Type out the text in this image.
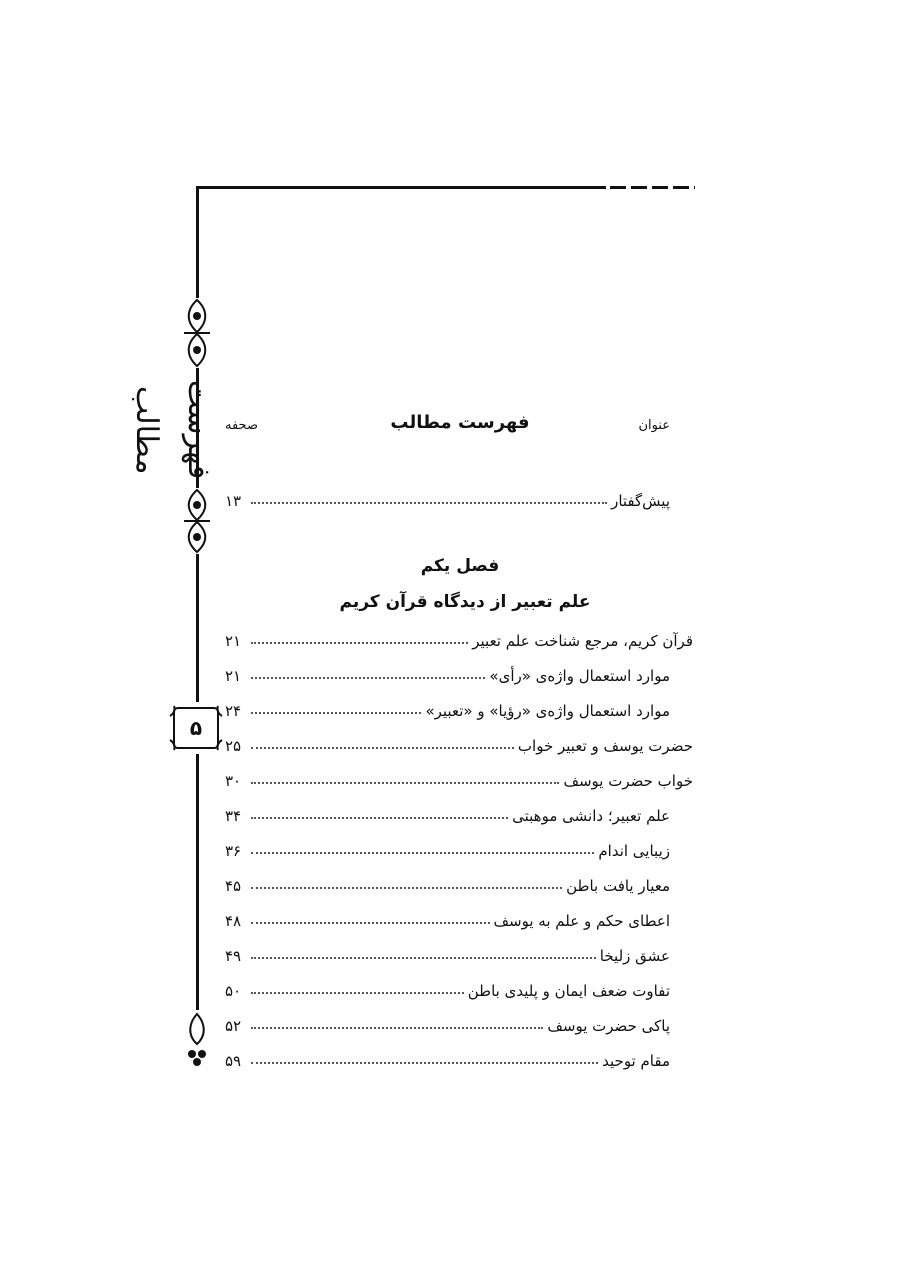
فهرست مطالب
۵
عنوان
فهرست مطالب
صحفه
پیش‌گفتار
۱۳
فصل یکم
علم تعبیر از دیدگاه قرآن کریم
قرآن کریم، مرجع شناخت علم تعبیر
۲۱
موارد استعمال واژه‌ی «رأی»
۲۱
موارد استعمال واژه‌ی «رؤیا» و «تعبیر»
۲۴
حضرت یوسف و تعبیر خواب
۲۵
خواب حضرت یوسف
۳۰
علم تعبیر؛ دانشی موهبتی
۳۴
زیبایی اندام
۳۶
معیار یافت باطن
۴۵
اعطای حکم و علم به یوسف
۴۸
عشق زلیخا
۴۹
تفاوت ضعف ایمان و پلیدی باطن
۵۰
پاکی حضرت یوسف
۵۲
مقام توحید
۵۹
